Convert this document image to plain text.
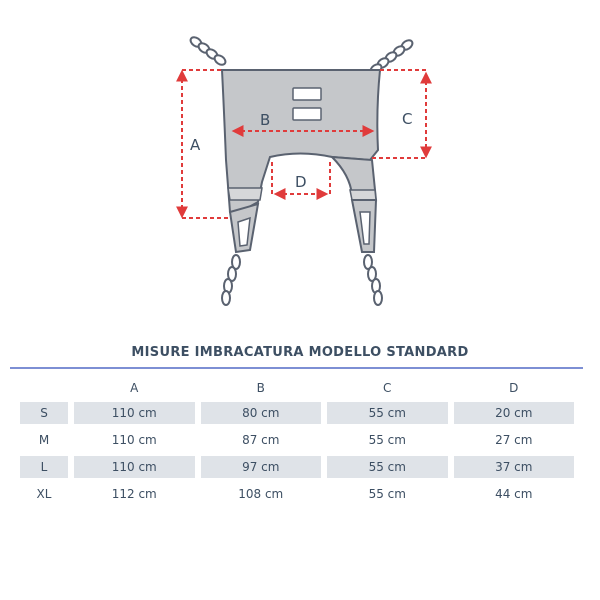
A
B	C
D
MISURE IMBRACATURA MODELLO STANDARD
	A	B	C	D
S	110 cm	80 cm	55 cm	20 cm
M	110 cm	87 cm	55 cm	27 cm
L	110 cm	97 cm	55 cm	37 cm
XL	112 cm	108 cm	55 cm	44 cm
